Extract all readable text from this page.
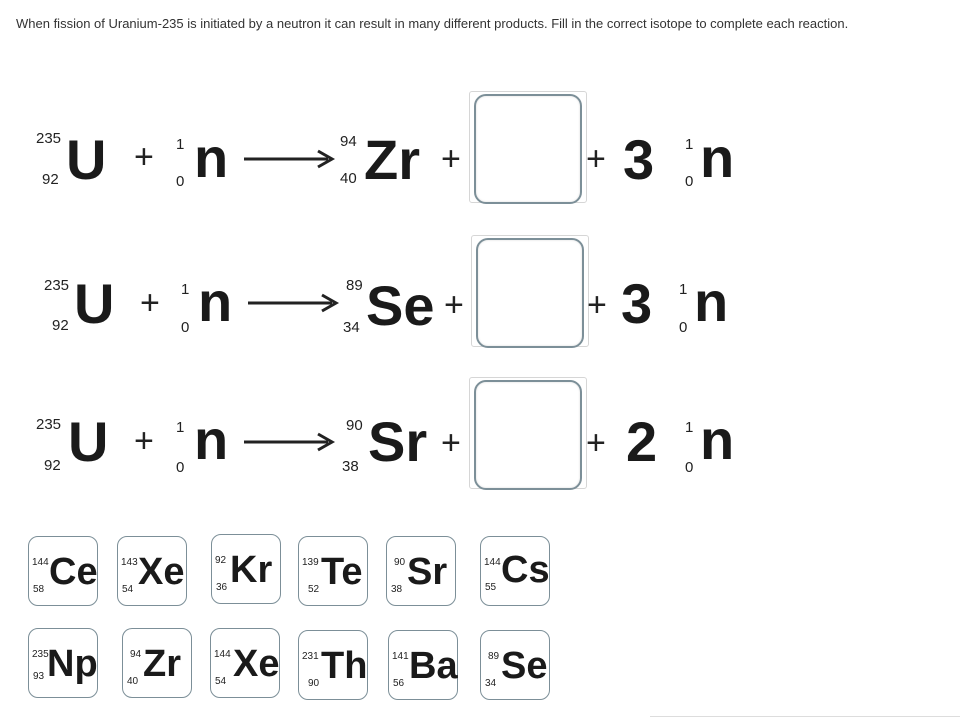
When fission of Uranium-235 is initiated by a neutron it can result in many different products. Fill in the correct isotope to complete each reaction.
235
92 U + 1
0 n	94
40 Zr +	+ 3 1
0 n
235
92 U + 1
0 n	89
34 Se +	+ 3 1
0 n
235
92 U + 1
0 n	90
38 Sr +	+ 2 1
0 n
144
58 Ce 143
54 Xe	92
36 Kr	139
52 Te	90
38 Sr	144
55 Cs
235
93 Np	94
40 Zr	144
54 Xe 231
90 Th 141
56 Ba	89
34 Se
